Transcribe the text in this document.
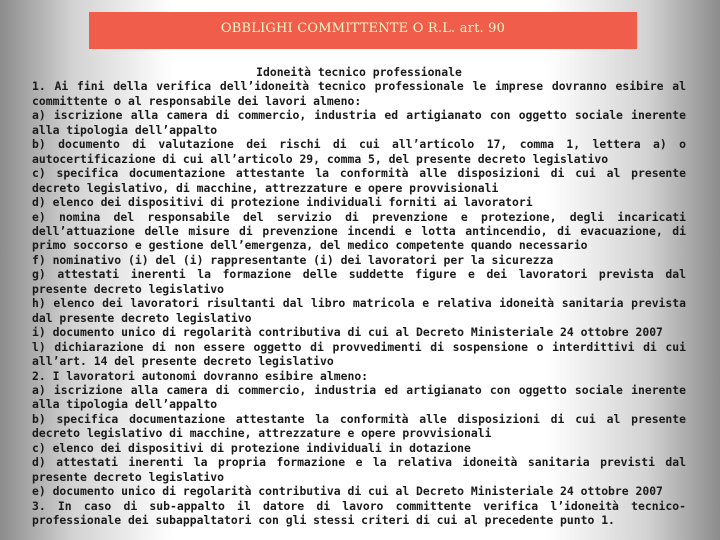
OBBLIGHI COMMITTENTE O R.L. art. 90
Idoneità tecnico professionale

1. Ai fini della verifica dell’idoneità tecnico professionale le imprese dovranno esibire al committente o al responsabile dei lavori almeno:

a) iscrizione alla camera di commercio, industria ed artigianato con oggetto sociale inerente alla tipologia dell’appalto

b) documento di valutazione dei rischi di cui all’articolo 17, comma 1, lettera a) o autocertificazione di cui all’articolo 29, comma 5, del presente decreto legislativo

c) specifica documentazione attestante la conformità alle disposizioni di cui al presente decreto legislativo, di macchine, attrezzature e opere provvisionali

d) elenco dei dispositivi di protezione individuali forniti ai lavoratori

e) nomina del responsabile del servizio di prevenzione e protezione, degli incaricati dell’attuazione delle misure di prevenzione incendi e lotta antincendio, di evacuazione, di primo soccorso e gestione dell’emergenza, del medico competente quando necessario

f) nominativo (i) del (i) rappresentante (i) dei lavoratori per la sicurezza

g) attestati inerenti la formazione delle suddette figure e dei lavoratori prevista dal presente decreto legislativo

h) elenco dei lavoratori risultanti dal libro matricola e relativa idoneità sanitaria prevista dal presente decreto legislativo

i) documento unico di regolarità contributiva di cui al Decreto Ministeriale 24 ottobre 2007

l) dichiarazione di non essere oggetto di provvedimenti di sospensione o interdittivi di cui all’art. 14 del presente decreto legislativo

2. I lavoratori autonomi dovranno esibire almeno:

a) iscrizione alla camera di commercio, industria ed artigianato con oggetto sociale inerente alla tipologia dell’appalto

b) specifica documentazione attestante la conformità alle disposizioni di cui al presente decreto legislativo di macchine, attrezzature e opere provvisionali

c) elenco dei dispositivi di protezione individuali in dotazione

d) attestati inerenti la propria formazione e la relativa idoneità sanitaria previsti dal presente decreto legislativo

e) documento unico di regolarità contributiva di cui al Decreto Ministeriale 24 ottobre 2007

3. In caso di sub-appalto il datore di lavoro committente verifica l’idoneità tecnico-professionale dei subappaltatori con gli stessi criteri di cui al precedente punto 1.
